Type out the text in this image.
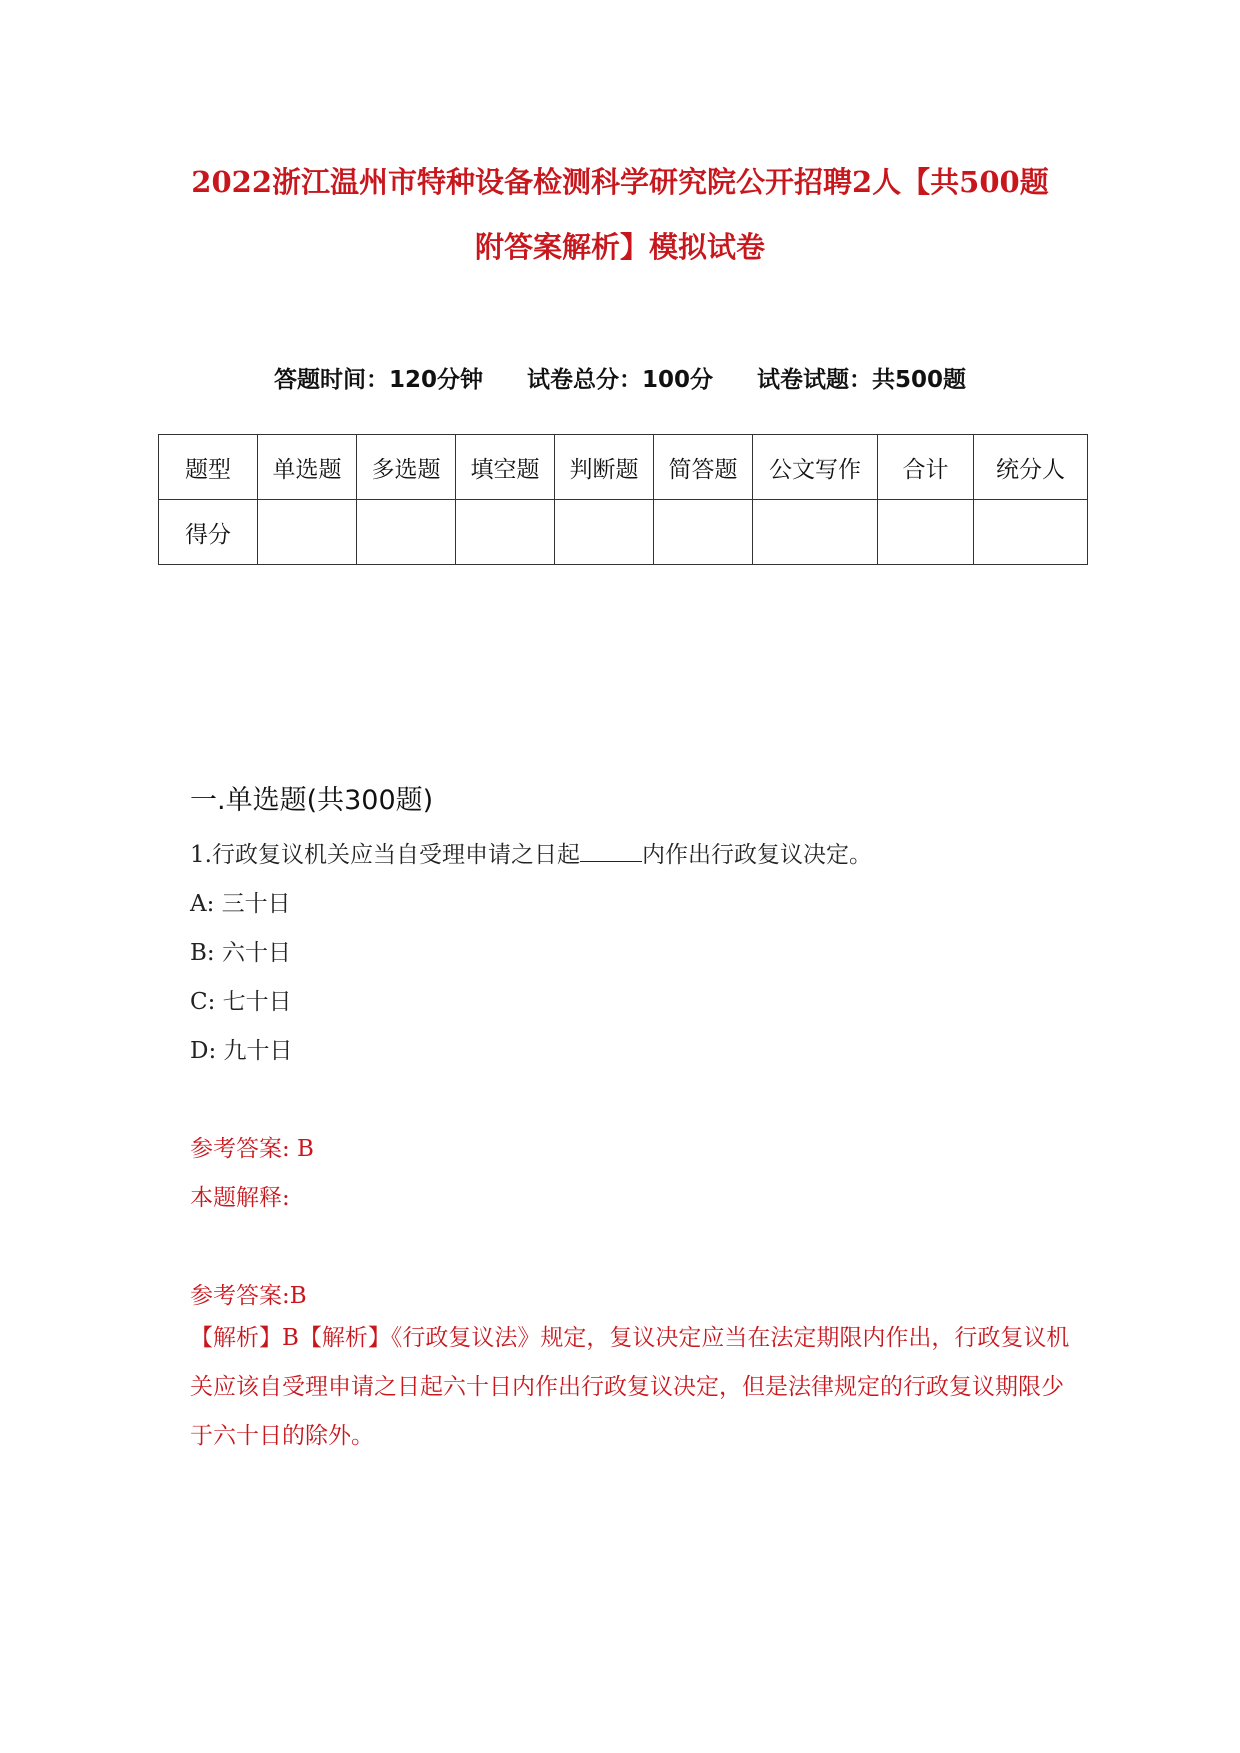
2022浙江温州市特种设备检测科学研究院公开招聘2人【共500题
附答案解析】模拟试卷
答题时间：120分钟 试卷总分：100分 试卷试题：共500题
题型	单选题	多选题	填空题	判断题	简答题	公文写作	合计	统分人
得分								
一.单选题(共300题)
1.行政复议机关应当自受理申请之日起	内作出行政复议决定。
A: 三十日
B: 六十日
C: 七十日
D: 九十日
参考答案: B
本题解释:
参考答案:B
【解析】B【解析】《行政复议法》规定，复议决定应当在法定期限内作出，行政复议机关应该自受理申请之日起六十日内作出行政复议决定，但是法律规定的行政复议期限少于六十日的除外。
